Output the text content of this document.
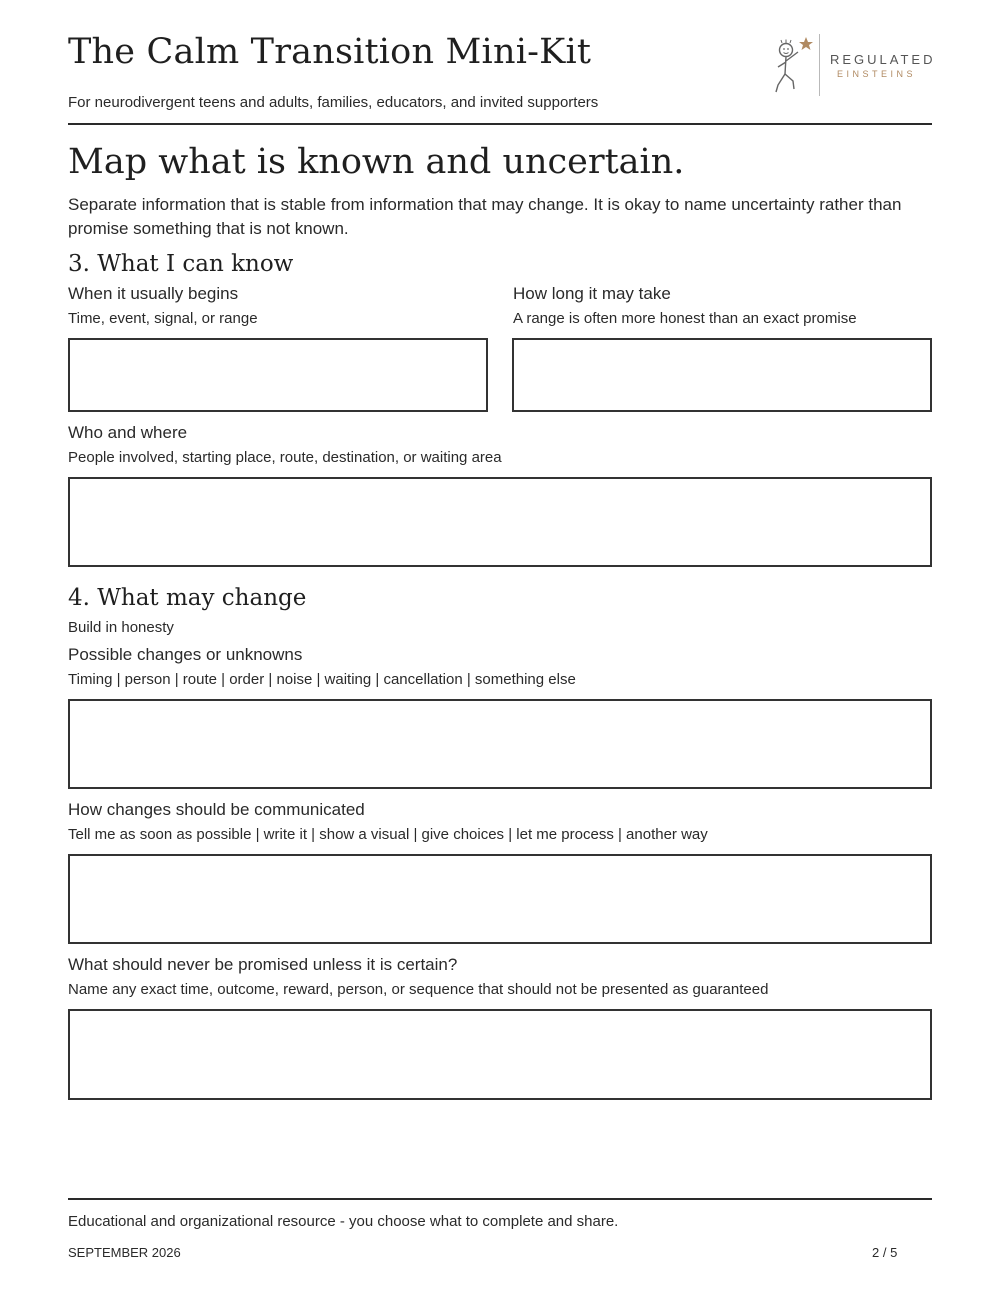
The Calm Transition Mini-Kit
For neurodivergent teens and adults, families, educators, and invited supporters
REGULATED
EINSTEINS
Map what is known and uncertain.
Separate information that is stable from information that may change. It is okay to name uncertainty rather than promise something that is not known.
3. What I can know
When it usually begins
Time, event, signal, or range
How long it may take
A range is often more honest than an exact promise
Who and where
People involved, starting place, route, destination, or waiting area
4. What may change
Build in honesty
Possible changes or unknowns
Timing | person | route | order | noise | waiting | cancellation | something else
How changes should be communicated
Tell me as soon as possible | write it | show a visual | give choices | let me process | another way
What should never be promised unless it is certain?
Name any exact time, outcome, reward, person, or sequence that should not be presented as guaranteed
Educational and organizational resource - you choose what to complete and share.
SEPTEMBER 2026	2 / 5
